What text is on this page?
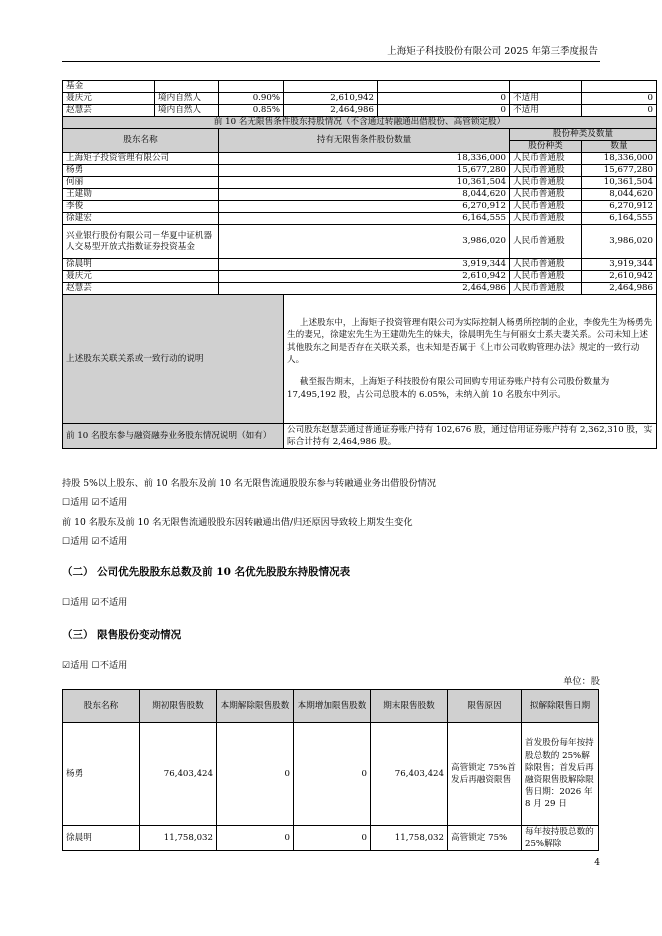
上海矩子科技股份有限公司 2025 年第三季度报告
基金						
聂庆元	境内自然人	0.90%	2,610,942	0	不适用	0
赵慧芸	境内自然人	0.85%	2,464,986	0	不适用	0
前 10 名无限售条件股东持股情况（不含通过转融通出借股份、高管锁定股）						
股东名称		持有无限售条件股份数量			股份种类及数量	
					股份种类	数量
上海矩子投资管理有限公司		18,336,000			人民币普通股	18,336,000
杨勇		15,677,280			人民币普通股	15,677,280
何丽		10,361,504			人民币普通股	10,361,504
王建勋		8,044,620			人民币普通股	8,044,620
李俊		6,270,912			人民币普通股	6,270,912
徐建宏		6,164,555			人民币普通股	6,164,555
兴业银行股份有限公司－华夏中证机器人交易型开放式指数证券投资基金		3,986,020			人民币普通股	3,986,020
徐晨明		3,919,344			人民币普通股	3,919,344
聂庆元		2,610,942			人民币普通股	2,610,942
赵慧芸		2,464,986			人民币普通股	2,464,986
上述股东关联关系或一致行动的说明			上述股东中，上海矩子投资管理有限公司为实际控制人杨勇所控制的企业，李俊先生为杨勇先生的妻兄，徐建宏先生为王建勋先生的妹夫，徐晨明先生与何丽女士系夫妻关系。公司未知上述其他股东之间是否存在关联关系，也未知是否属于《上市公司收购管理办法》规定的一致行动人。
截至报告期末，上海矩子科技股份有限公司回购专用证券账户持有公司股份数量为 17,495,192 股，占公司总股本的 6.05%，未纳入前 10 名股东中列示。			

前 10 名股东参与融资融券业务股东情况说明（如有）			公司股东赵慧芸通过普通证券账户持有 102,676 股，通过信用证券账户持有 2,362,310 股，实际合计持有 2,464,986 股。			
持股 5%以上股东、前 10 名股东及前 10 名无限售流通股股东参与转融通业务出借股份情况
☐适用 ☑不适用
前 10 名股东及前 10 名无限售流通股股东因转融通出借/归还原因导致较上期发生变化
☐适用 ☑不适用
（二） 公司优先股股东总数及前 10 名优先股股东持股情况表
☐适用 ☑不适用
（三） 限售股份变动情况
☑适用 ☐不适用
单位：股
股东名称	期初限售股数	本期解除限售股数	本期增加限售股数	期末限售股数	限售原因	拟解除限售日期
杨勇	76,403,424	0	0	76,403,424	高管锁定 75%首发后再融资限售	首发股份每年按持股总数的 25%解除限售；首发后再融资限售股解除限售日期：2026 年 8 月 29 日
徐晨明	11,758,032	0	0	11,758,032	高管锁定 75%	每年按持股总数的 25%解除
4
